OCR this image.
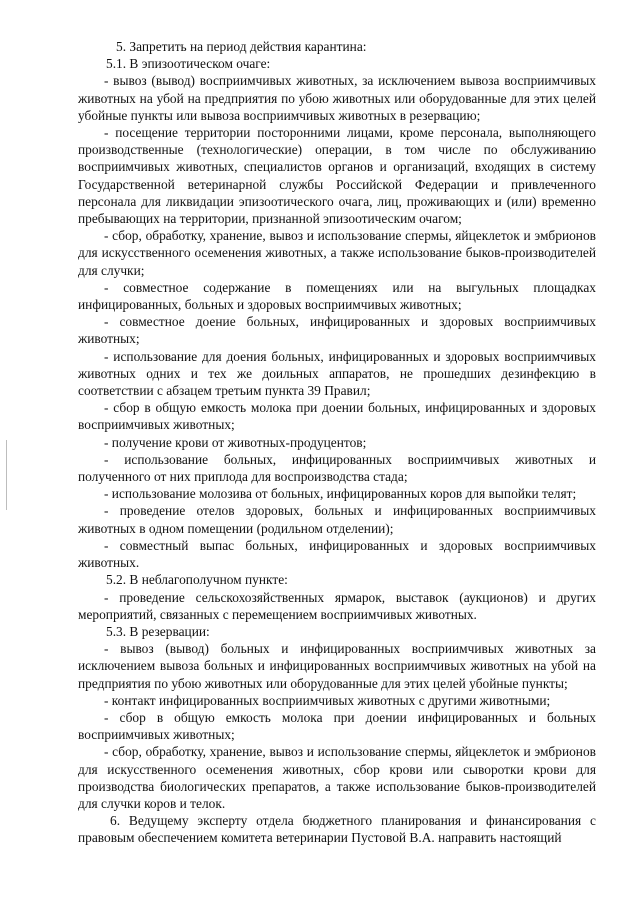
5. Запретить на период действия карантина:

5.1. В эпизоотическом очаге:

- вывоз (вывод) восприимчивых животных, за исключением вывоза восприимчивых животных на убой на предприятия по убою животных или оборудованные для этих целей убойные пункты или вывоза восприимчивых животных в резервацию;

- посещение территории посторонними лицами, кроме персонала, выполняющего производственные (технологические) операции, в том числе по обслуживанию восприимчивых животных, специалистов органов и организаций, входящих в систему Государственной ветеринарной службы Российской Федерации и привлеченного персонала для ликвидации эпизоотического очага, лиц, проживающих и (или) временно пребывающих на территории, признанной эпизоотическим очагом;

- сбор, обработку, хранение, вывоз и использование спермы, яйцеклеток и эмбрионов для искусственного осеменения животных, а также использование быков-производителей для случки;

- совместное содержание в помещениях или на выгульных площадках инфицированных, больных и здоровых восприимчивых животных;

- совместное доение больных, инфицированных и здоровых восприимчивых животных;

- использование для доения больных, инфицированных и здоровых восприимчивых животных одних и тех же доильных аппаратов, не прошедших дезинфекцию в соответствии с абзацем третьим пункта 39 Правил;

- сбор в общую емкость молока при доении больных, инфицированных и здоровых восприимчивых животных;

- получение крови от животных-продуцентов;

- использование больных, инфицированных восприимчивых животных и полученного от них приплода для воспроизводства стада;

- использование молозива от больных, инфицированных коров для выпойки телят;

- проведение отелов здоровых, больных и инфицированных восприимчивых животных в одном помещении (родильном отделении);

- совместный выпас больных, инфицированных и здоровых восприимчивых животных.

5.2. В неблагополучном пункте:

- проведение сельскохозяйственных ярмарок, выставок (аукционов) и других мероприятий, связанных с перемещением восприимчивых животных.

5.3. В резервации:

- вывоз (вывод) больных и инфицированных восприимчивых животных за исключением вывоза больных и инфицированных восприимчивых животных на убой на предприятия по убою животных или оборудованные для этих целей убойные пункты;

- контакт инфицированных восприимчивых животных с другими животными;

- сбор в общую емкость молока при доении инфицированных и больных восприимчивых животных;

- сбор, обработку, хранение, вывоз и использование спермы, яйцеклеток и эмбрионов для искусственного осеменения животных, сбор крови или сыворотки крови для производства биологических препаратов, а также использование быков-производителей для случки коров и телок.

6. Ведущему эксперту отдела бюджетного планирования и финансирования с правовым обеспечением комитета ветеринарии Пустовой В.А. направить настоящий
